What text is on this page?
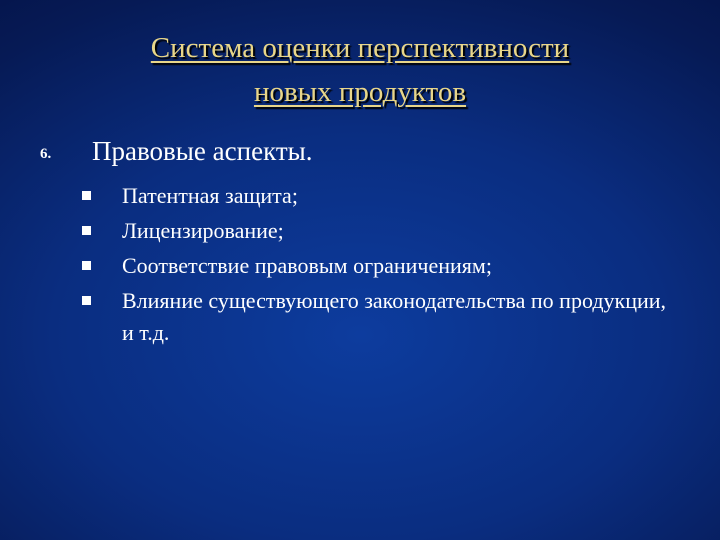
Система оценки перспективности
новых продуктов
6. Правовые аспекты.
Патентная защита;
Лицензирование;
Соответствие правовым ограничениям;
Влияние существующего законодательства по продукции, и т.д.
